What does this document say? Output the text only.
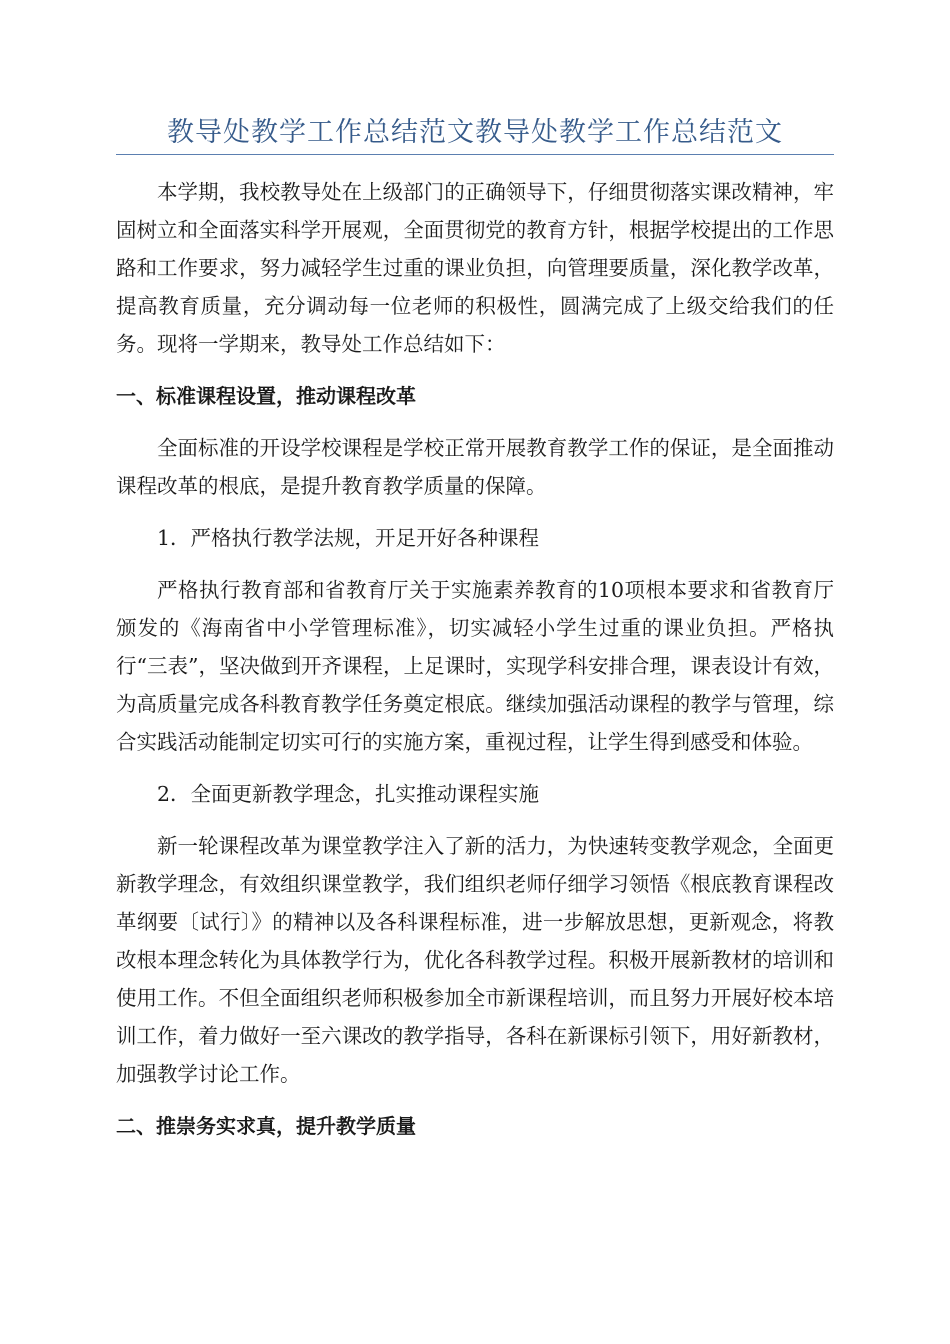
教导处教学工作总结范文教导处教学工作总结范文

本学期，我校教导处在上级部门的正确领导下，仔细贯彻落实课改精神，牢固树立和全面落实科学开展观，全面贯彻党的教育方针，根据学校提出的工作思路和工作要求，努力减轻学生过重的课业负担，向管理要质量，深化教学改革，提高教育质量，充分调动每一位老师的积极性，圆满完成了上级交给我们的任务。现将一学期来，教导处工作总结如下：

一、标准课程设置，推动课程改革

全面标准的开设学校课程是学校正常开展教育教学工作的保证，是全面推动课程改革的根底，是提升教育教学质量的保障。

1．严格执行教学法规，开足开好各种课程

严格执行教育部和省教育厅关于实施素养教育的10项根本要求和省教育厅颁发的《海南省中小学管理标准》，切实减轻小学生过重的课业负担。严格执行“三表”，坚决做到开齐课程，上足课时，实现学科安排合理，课表设计有效，为高质量完成各科教育教学任务奠定根底。继续加强活动课程的教学与管理，综合实践活动能制定切实可行的实施方案，重视过程，让学生得到感受和体验。

2．全面更新教学理念，扎实推动课程实施

新一轮课程改革为课堂教学注入了新的活力，为快速转变教学观念，全面更新教学理念，有效组织课堂教学，我们组织老师仔细学习领悟《根底教育课程改革纲要〔试行〕》的精神以及各科课程标准，进一步解放思想，更新观念，将教改根本理念转化为具体教学行为，优化各科教学过程。积极开展新教材的培训和使用工作。不但全面组织老师积极参加全市新课程培训，而且努力开展好校本培训工作，着力做好一至六课改的教学指导，各科在新课标引领下，用好新教材，加强教学讨论工作。

二、推崇务实求真，提升教学质量
